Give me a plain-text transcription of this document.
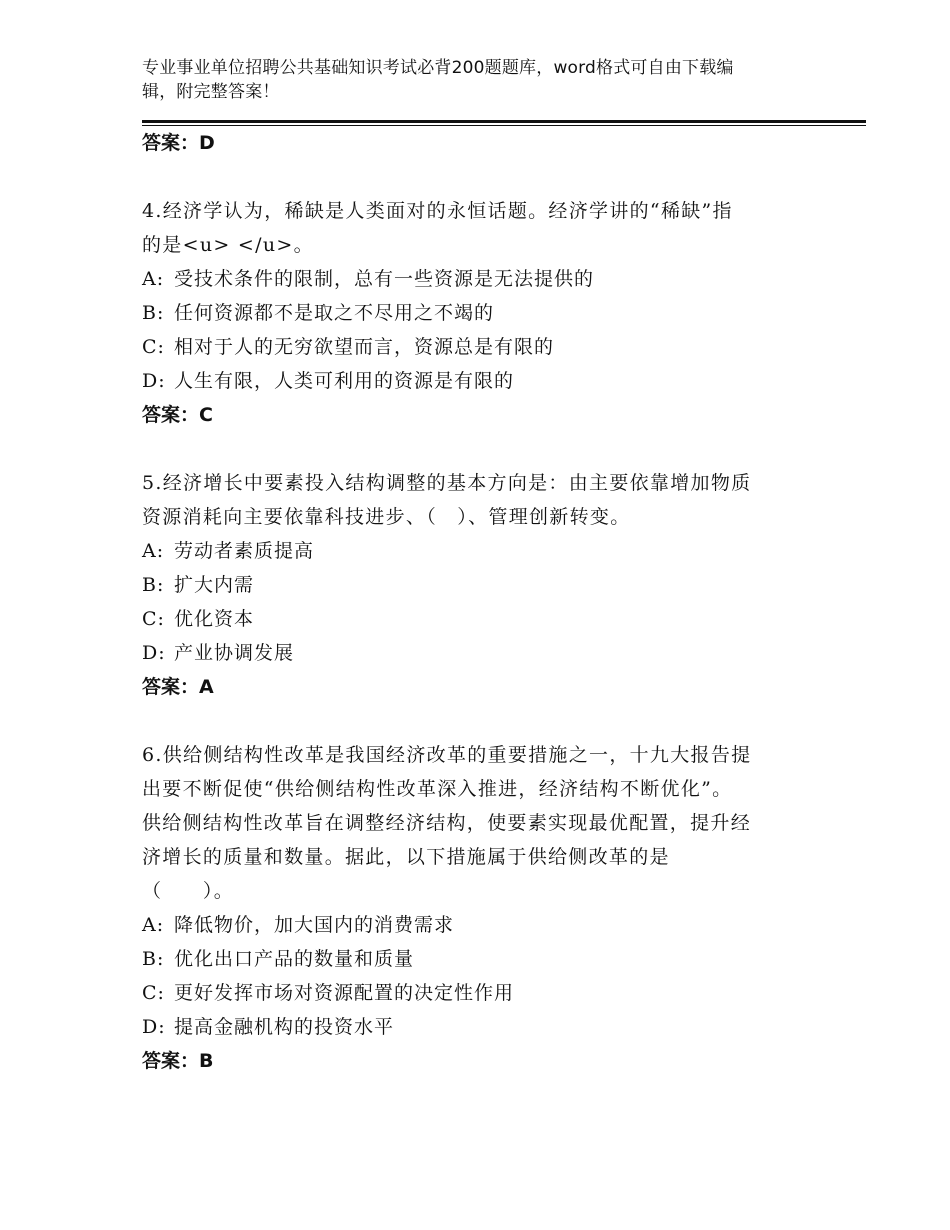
专业事业单位招聘公共基础知识考试必背200题题库，word格式可自由下载编
辑，附完整答案！
答案：D
4.经济学认为，稀缺是人类面对的永恒话题。经济学讲的“稀缺”指
的是<u> </u>。
A: 受技术条件的限制，总有一些资源是无法提供的
B: 任何资源都不是取之不尽用之不竭的
C: 相对于人的无穷欲望而言，资源总是有限的
D: 人生有限，人类可利用的资源是有限的
答案：C
5.经济增长中要素投入结构调整的基本方向是：由主要依靠增加物质
资源消耗向主要依靠科技进步、（　）、管理创新转变。
A: 劳动者素质提高
B: 扩大内需
C: 优化资本
D: 产业协调发展
答案：A
6.供给侧结构性改革是我国经济改革的重要措施之一，十九大报告提
出要不断促使“供给侧结构性改革深入推进，经济结构不断优化”。
供给侧结构性改革旨在调整经济结构，使要素实现最优配置，提升经
济增长的质量和数量。据此，以下措施属于供给侧改革的是
（　　）。
A: 降低物价，加大国内的消费需求
B: 优化出口产品的数量和质量
C: 更好发挥市场对资源配置的决定性作用
D: 提高金融机构的投资水平
答案：B
